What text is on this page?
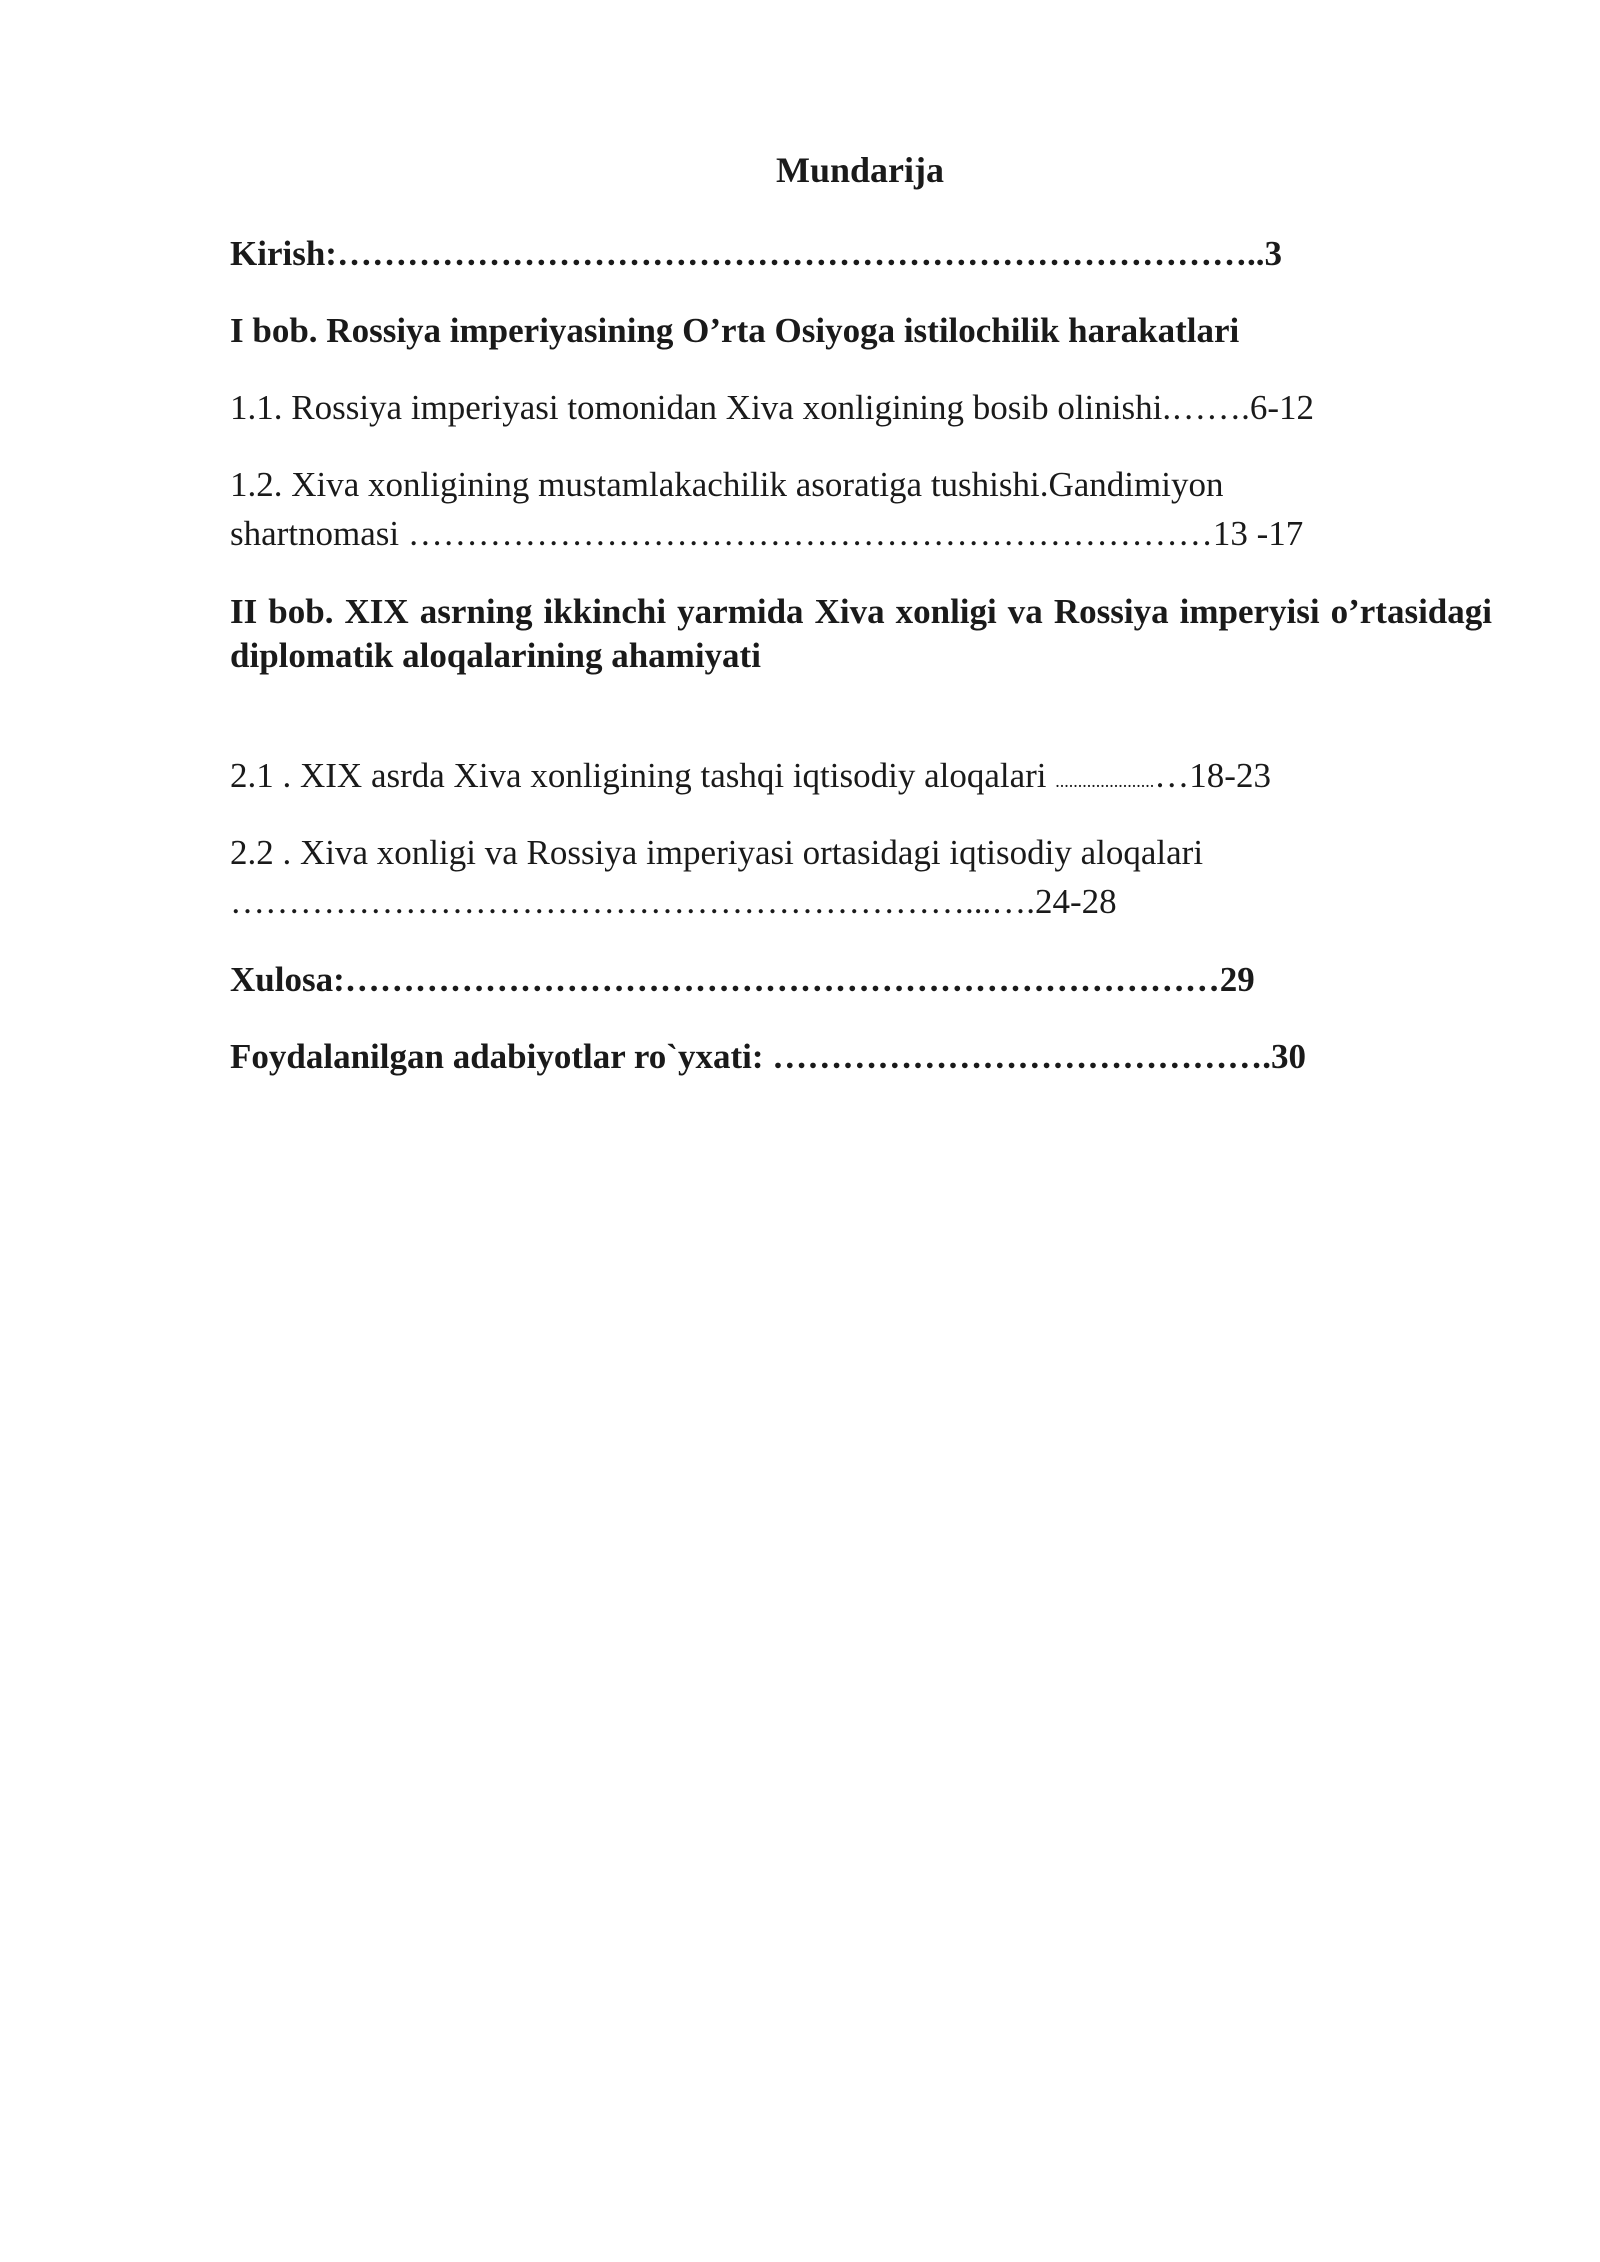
Mundarija
Kirish:……………………………………………………………………..3
I bob. Rossiya imperiyasining O’rta Osiyoga istilochilik harakatlari
1.1. Rossiya imperiyasi tomonidan Xiva xonligining bosib olinishi.…….6-12
1.2. Xiva xonligining mustamlakachilik asoratiga tushishi.Gandimiyon
shartnomasi ……………………………………………………………13 -17
II bob. XIX asrning ikkinchi yarmida Xiva xonligi va Rossiya imperyisi o’rtasidagi diplomatik aloqalarining ahamiyati
2.1 . XIX asrda Xiva xonligining tashqi iqtisodiy aloqalari ......................…18-23
2.2 . Xiva xonligi va Rossiya imperiyasi ortasidagi iqtisodiy aloqalari
………………………………………………………...….24-28
Xulosa:…………………………………………………………………29
Foydalanilgan adabiyotlar ro`yxati: …………………………………….30
